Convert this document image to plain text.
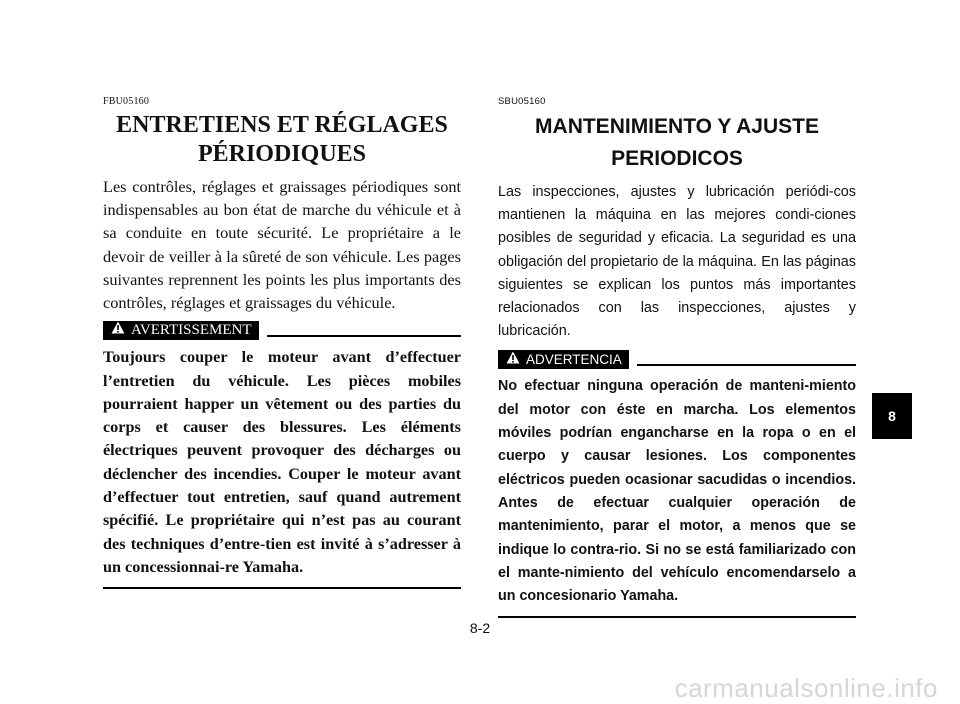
FBU05160
ENTRETIENS ET RÉGLAGES
PÉRIODIQUES

Les contrôles, réglages et graissages périodiques sont indispensables au bon état de marche du véhicule et à sa conduite en toute sécurité. Le propriétaire a le devoir de veiller à la sûreté de son véhicule. Les pages suivantes reprennent les points les plus importants des contrôles, réglages et graissages du véhicule.

AVERTISSEMENT

Toujours couper le moteur avant d’effectuer l’entretien du véhicule. Les pièces mobiles pourraient happer un vêtement ou des parties du corps et causer des blessures. Les éléments électriques peuvent provoquer des décharges ou déclencher des incendies. Couper le moteur avant d’effectuer tout entretien, sauf quand autrement spécifié. Le propriétaire qui n’est pas au courant des techniques d’entre-tien est invité à s’adresser à un concessionnai-re Yamaha.

SBU05160
MANTENIMIENTO Y AJUSTE
PERIODICOS

Las inspecciones, ajustes y lubricación periódi-cos mantienen la máquina en las mejores condi-ciones posibles de seguridad y eficacia. La seguridad es una obligación del propietario de la máquina. En las páginas siguientes se explican los puntos más importantes relacionados con las inspecciones, ajustes y lubricación.

ADVERTENCIA

No efectuar ninguna operación de manteni-miento del motor con éste en marcha. Los elementos móviles podrían engancharse en la ropa o en el cuerpo y causar lesiones. Los componentes eléctricos pueden ocasionar sacudidas o incendios. Antes de efectuar cualquier operación de mantenimiento, parar el motor, a menos que se indique lo contra-rio. Si no se está familiarizado con el mante-nimiento del vehículo encomendarselo a un concesionario Yamaha.

8
8-2
carmanualsonline.info
